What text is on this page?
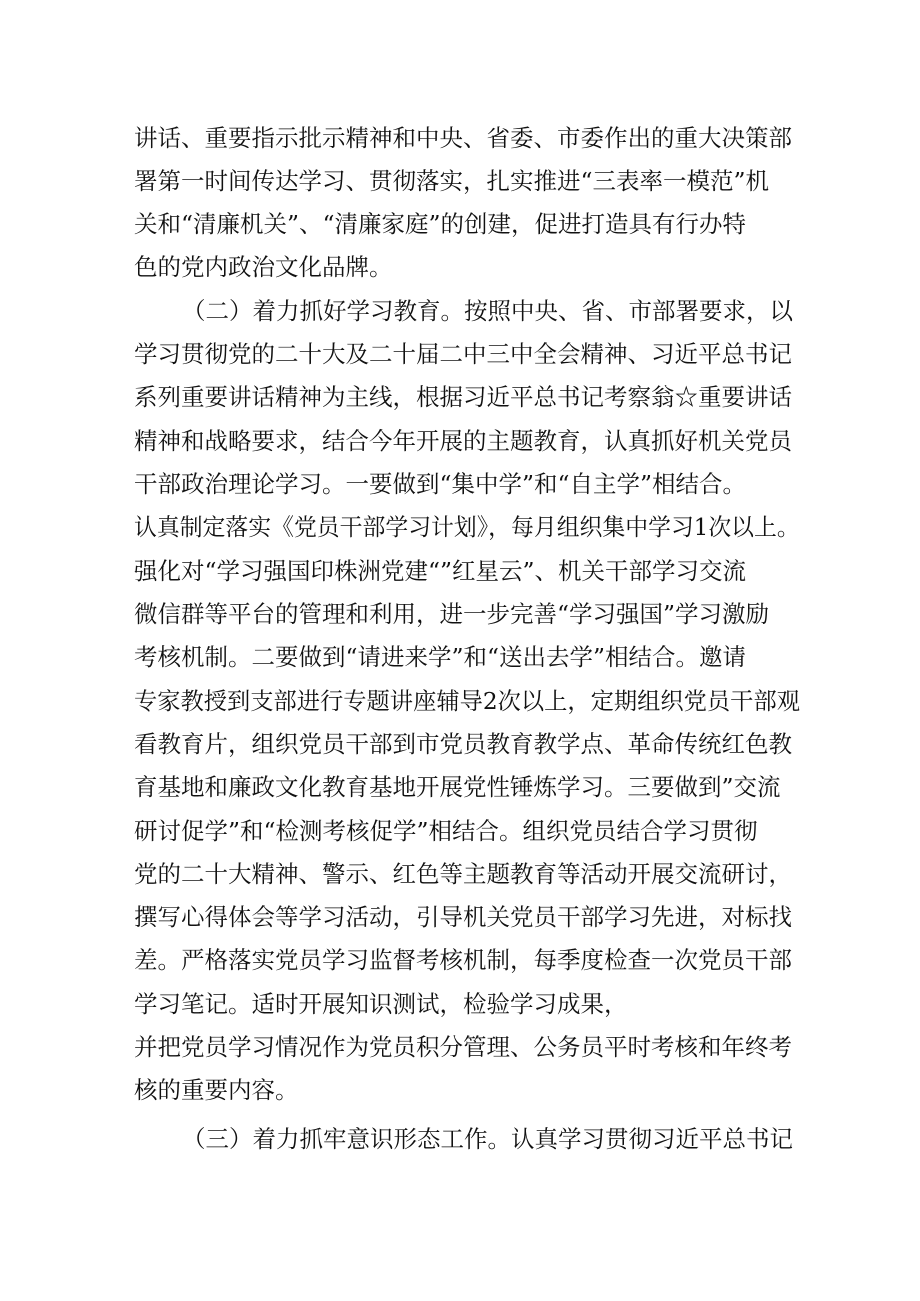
讲话、重要指示批示精神和中央、省委、市委作出的重大决策部
署第一时间传达学习、贯彻落实，扎实推进“三表率一模范”机
关和“清廉机关”、“清廉家庭”的创建，促进打造具有行办特
色的党内政治文化品牌。
（二）着力抓好学习教育。按照中央、省、市部署要求，以
学习贯彻党的二十大及二十届二中三中全会精神、习近平总书记
系列重要讲话精神为主线，根据习近平总书记考察翁☆重要讲话
精神和战略要求，结合今年开展的主题教育，认真抓好机关党员
干部政治理论学习。一要做到“集中学”和“自主学”相结合。
认真制定落实《党员干部学习计划》，每月组织集中学习1次以上。
强化对“学习强国印株洲党建“”红星云”、机关干部学习交流
微信群等平台的管理和利用，进一步完善“学习强国”学习激励
考核机制。二要做到“请进来学”和“送出去学”相结合。邀请
专家教授到支部进行专题讲座辅导2次以上，定期组织党员干部观
看教育片，组织党员干部到市党员教育教学点、革命传统红色教
育基地和廉政文化教育基地开展党性锤炼学习。三要做到”交流
研讨促学”和“检测考核促学”相结合。组织党员结合学习贯彻
党的二十大精神、警示、红色等主题教育等活动开展交流研讨，
撰写心得体会等学习活动，引导机关党员干部学习先进，对标找
差。严格落实党员学习监督考核机制，每季度检查一次党员干部
学习笔记。适时开展知识测试，检验学习成果，
并把党员学习情况作为党员积分管理、公务员平时考核和年终考
核的重要内容。
（三）着力抓牢意识形态工作。认真学习贯彻习近平总书记
